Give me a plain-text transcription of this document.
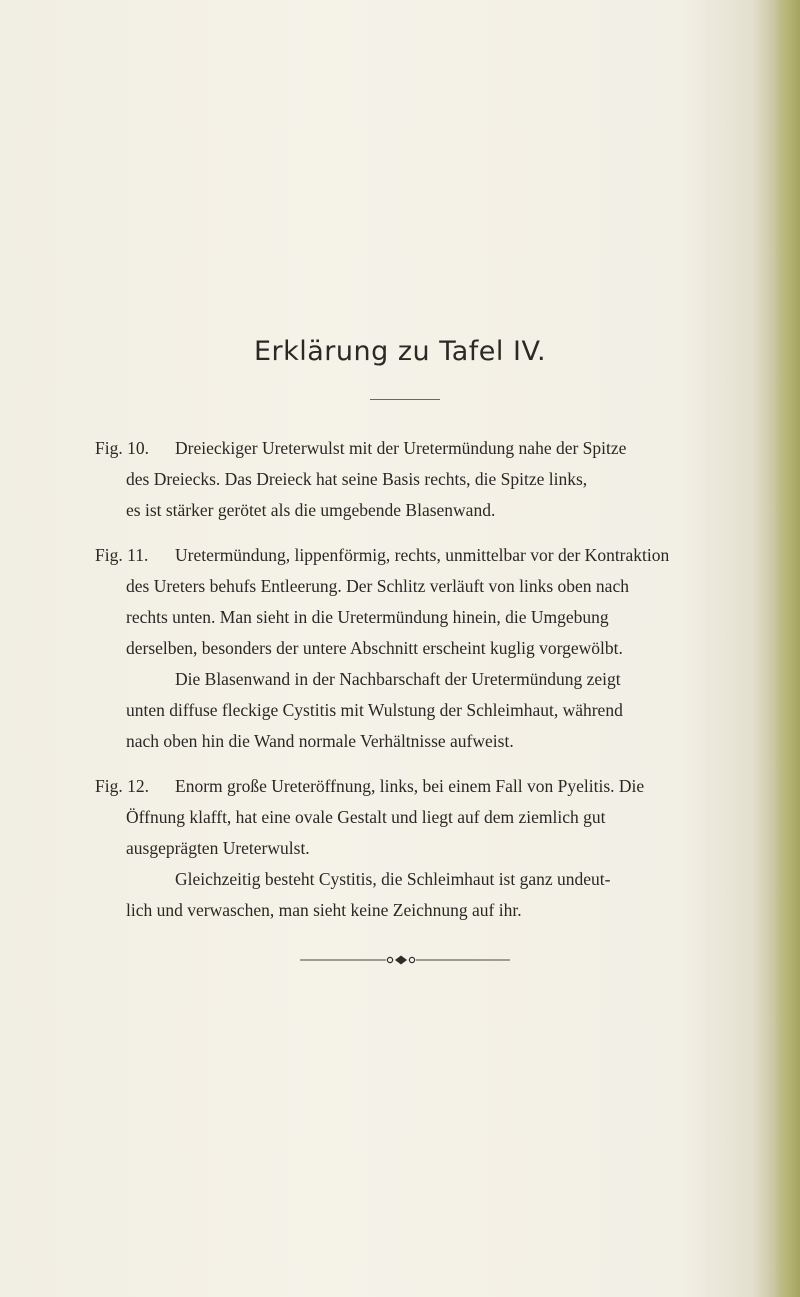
Erklärung zu Tafel IV.
Fig. 10. Dreieckiger Ureterwulst mit der Uretermündung nahe der Spitze
des Dreiecks. Das Dreieck hat seine Basis rechts, die Spitze links,
es ist stärker gerötet als die umgebende Blasenwand.
Fig. 11. Uretermündung, lippenförmig, rechts, unmittelbar vor der Kontraktion
des Ureters behufs Entleerung. Der Schlitz verläuft von links oben nach
rechts unten. Man sieht in die Uretermündung hinein, die Umgebung
derselben, besonders der untere Abschnitt erscheint kuglig vorgewölbt.
Die Blasenwand in der Nachbarschaft der Uretermündung zeigt
unten diffuse fleckige Cystitis mit Wulstung der Schleimhaut, während
nach oben hin die Wand normale Verhältnisse aufweist.
Fig. 12. Enorm große Ureteröffnung, links, bei einem Fall von Pyelitis. Die
Öffnung klafft, hat eine ovale Gestalt und liegt auf dem ziemlich gut
ausgeprägten Ureterwulst.
Gleichzeitig besteht Cystitis, die Schleimhaut ist ganz undeut-
lich und verwaschen, man sieht keine Zeichnung auf ihr.
